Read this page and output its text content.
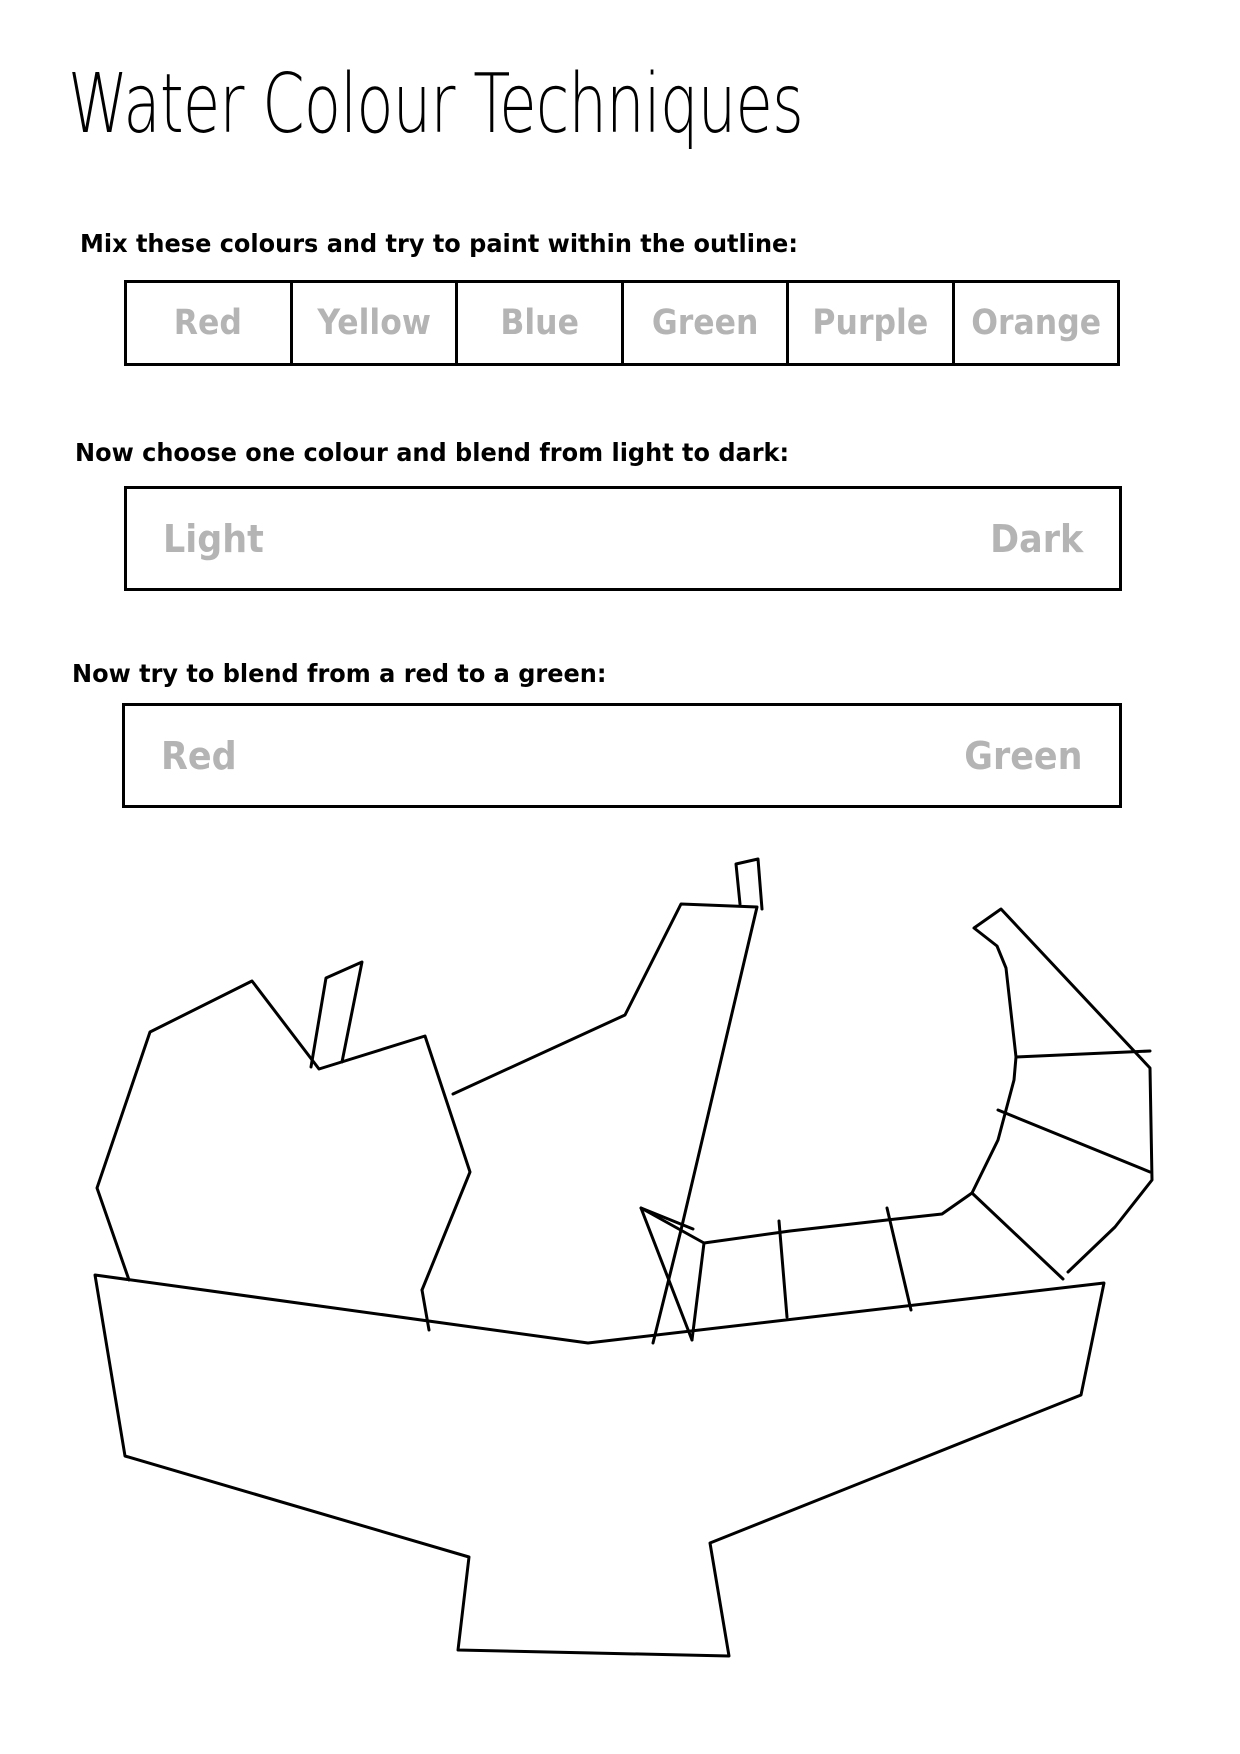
Water Colour Techniques

Mix these colours and try to paint within the outline:

Red Yellow Blue Green Purple Orange

Now choose one colour and blend from light to dark:

Light	Dark

Now try to blend from a red to a green:

Red	Green
